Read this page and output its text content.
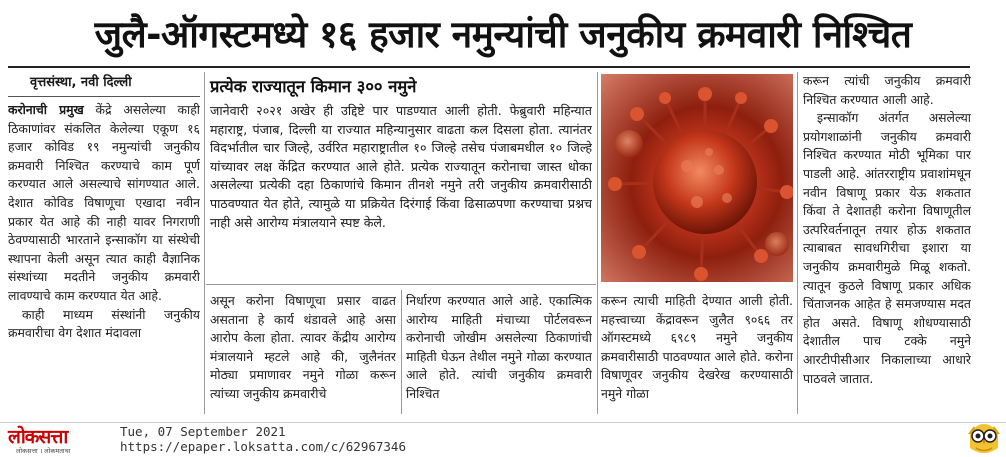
जुलै-ऑगस्टमध्ये १६ हजार नमुन्यांची जनुकीय क्रमवारी निश्चित
वृत्तसंस्था, नवी दिल्ली

करोनाची प्रमुख केंद्रे असलेल्या काही ठिकाणांवर संकलित केलेल्या एकूण १६ हजार कोविड १९ नमुन्यांची जनुकीय क्रमवारी निश्चित करण्याचे काम पूर्ण करण्यात आले असल्याचे सांगण्यात आले. देशात कोविड विषाणूचा एखादा नवीन प्रकार येत आहे की नाही यावर निगराणी ठेवण्यासाठी भारताने इन्साकॉग या संस्थेची स्थापना केली असून त्यात काही वैज्ञानिक संस्थांच्या मदतीने जनुकीय क्रमवारी लावण्याचे काम करण्यात येत आहे.

काही माध्यम संस्थांनी जनुकीय क्रमवारीचा वेग देशात मंदावला

प्रत्येक राज्यातून किमान ३०० नमुने

जानेवारी २०२१ अखेर ही उद्दिष्टे पार पाडण्यात आली होती. फेब्रुवारी महिन्यात महाराष्ट्र, पंजाब, दिल्ली या राज्यात महिन्यानुसार वाढता कल दिसला होता. त्यानंतर विदर्भातील चार जिल्हे, उर्वरित महाराष्ट्रातील १० जिल्हे तसेच पंजाबमधील १० जिल्हे यांच्यावर लक्ष केंद्रित करण्यात आले होते. प्रत्येक राज्यातून करोनाचा जास्त धोका असलेल्या प्रत्येकी दहा ठिकाणांचे किमान तीनशे नमुने तरी जनुकीय क्रमवारीसाठी पाठवण्यात येत होते, त्यामुळे या प्रक्रियेत दिरंगाई किंवा ढिसाळपणा करण्याचा प्रश्नच नाही असे आरोग्य मंत्रालयाने स्पष्ट केले.

असून करोना विषाणूचा प्रसार वाढत असताना हे कार्य थंडावले आहे असा आरोप केला होता. त्यावर केंद्रीय आरोग्य मंत्रालयाने म्हटले आहे की, जुलैनंतर मोठ्या प्रमाणावर नमुने गोळा करून त्यांच्या जनुकीय क्रमवारीचे

निर्धारण करण्यात आले आहे. एकात्मिक आरोग्य माहिती मंचाच्या पोर्टलवरून करोनाची जोखीम असलेल्या ठिकाणांची माहिती घेऊन तेथील नमुने गोळा करण्यात आले होते. त्यांची जनुकीय क्रमवारी निश्चित

करून त्याची माहिती देण्यात आली होती. महत्त्वाच्या केंद्रावरून जुलैत ९०६६ तर ऑगस्टमध्ये ६९८९ नमुने जनुकीय क्रमवारीसाठी पाठवण्यात आले होते. करोना विषाणूवर जनुकीय देखरेख करण्यासाठी नमुने गोळा

करून त्यांची जनुकीय क्रमवारी निश्चित करण्यात आली आहे.

इन्साकॉग अंतर्गत असलेल्या प्रयोगशाळांनी जनुकीय क्रमवारी निश्चित करण्यात मोठी भूमिका पार पाडली आहे. आंतरराष्ट्रीय प्रवाशांमधून नवीन विषाणू प्रकार येऊ शकतात किंवा ते देशातही करोना विषाणूतील उत्परिवर्तनातून तयार होऊ शकतात त्याबाबत सावधगिरीचा इशारा या जनुकीय क्रमवारीमुळे मिळू शकतो. त्यातून कुठले विषाणू प्रकार अधिक चिंताजनक आहेत हे समजण्यास मदत होत असते. विषाणू शोधण्यासाठी देशातील पाच टक्के नमुने आरटीपीसीआर निकालाच्या आधारे पाठवले जातात.

लोकसत्ता
लोकसत्ता । लोकमताचा
Tue, 07 September 2021
https://epaper.loksatta.com/c/62967346
